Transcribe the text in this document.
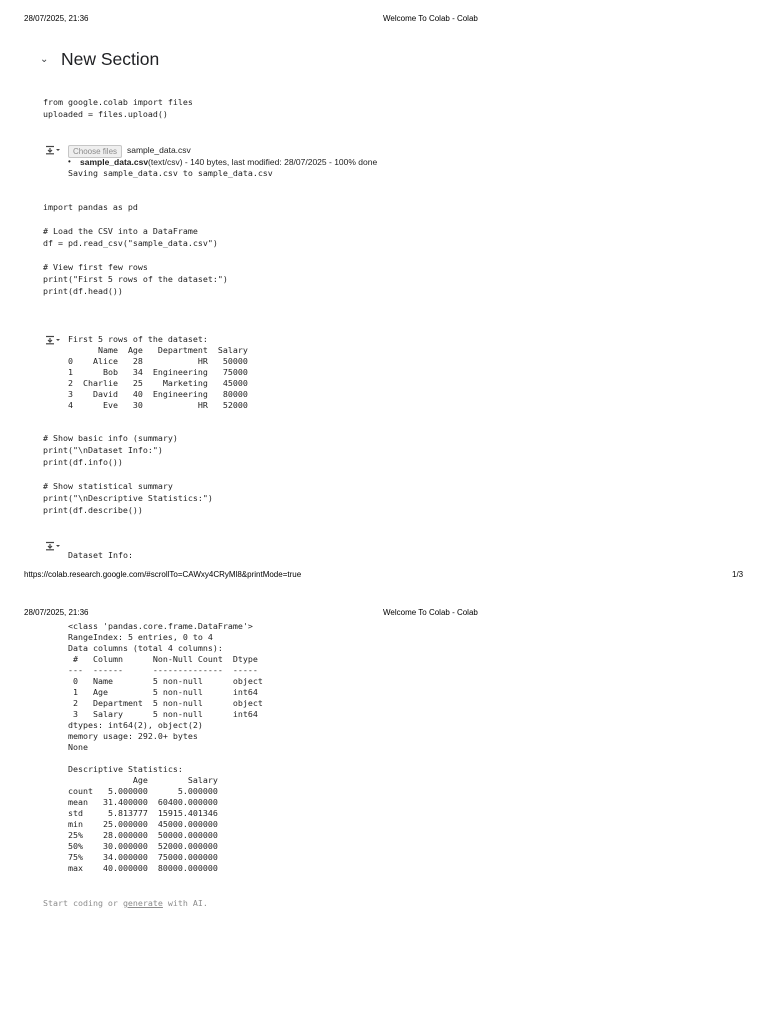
28/07/2025, 21:36	Welcome To Colab - Colab
⌄ New Section
from google.colab import files
uploaded = files.upload()
Choose files	sample_data.csv
• sample_data.csv(text/csv) - 140 bytes, last modified: 28/07/2025 - 100% done
Saving sample_data.csv to sample_data.csv
import pandas as pd

# Load the CSV into a DataFrame
df = pd.read_csv("sample_data.csv")

# View first few rows
print("First 5 rows of the dataset:")
print(df.head())
First 5 rows of the dataset:
Name  Age   Department  Salary
0    Alice   28           HR   50000
1      Bob   34  Engineering   75000
2  Charlie   25    Marketing   45000
3    David   40  Engineering   80000
4      Eve   30           HR   52000
# Show basic info (summary)
print("\nDataset Info:")
print(df.info())

# Show statistical summary
print("\nDescriptive Statistics:")
print(df.describe())

Dataset Info:
https://colab.research.google.com/#scrollTo=CAWxy4CRyMl8&printMode=true	1/3
28/07/2025, 21:36	Welcome To Colab - Colab
<class 'pandas.core.frame.DataFrame'>
RangeIndex: 5 entries, 0 to 4
Data columns (total 4 columns):
#   Column      Non-Null Count  Dtype
---  ------      --------------  -----
0   Name        5 non-null      object
1   Age         5 non-null      int64
2   Department  5 non-null      object
3   Salary      5 non-null      int64
dtypes: int64(2), object(2)
memory usage: 292.0+ bytes
None

Descriptive Statistics:
Age        Salary
count   5.000000      5.000000
mean   31.400000  60400.000000
std     5.813777  15915.401346
min    25.000000  45000.000000
25%    28.000000  50000.000000
50%    30.000000  52000.000000
75%    34.000000  75000.000000
max    40.000000  80000.000000
Start coding or generate with AI.
